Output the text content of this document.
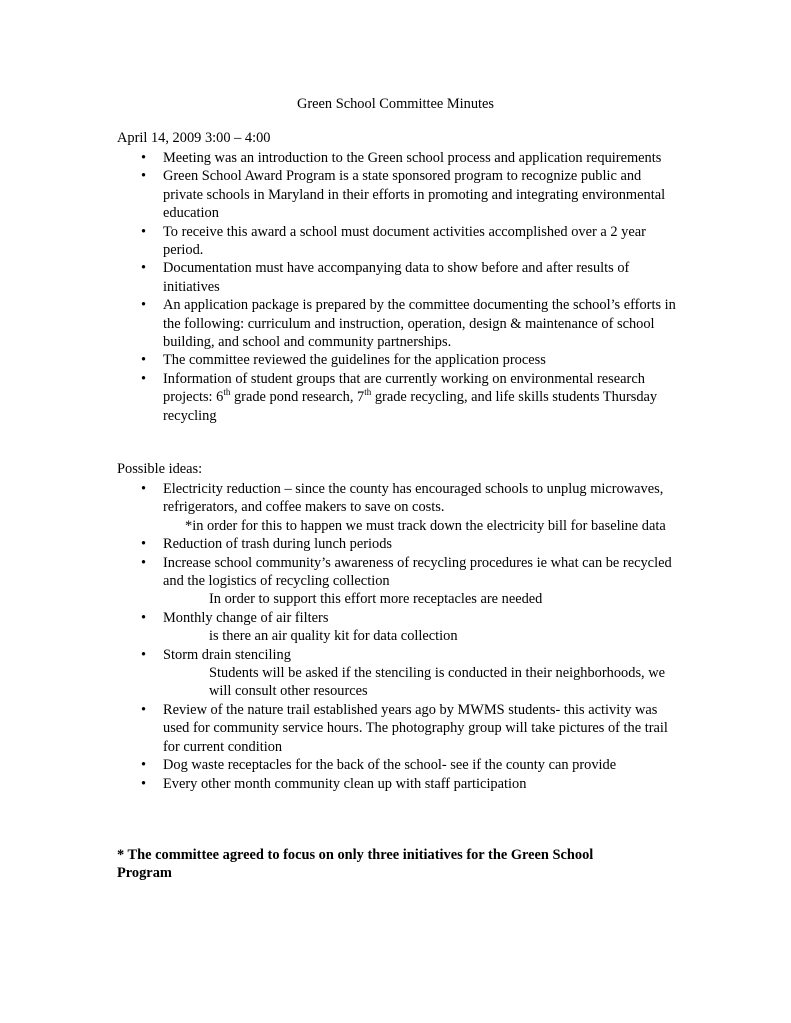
Green School Committee Minutes
April 14, 2009 3:00 – 4:00
• Meeting was an introduction to the Green school process and application requirements
• Green School Award Program is a state sponsored program to recognize public and private schools in Maryland in their efforts in promoting and integrating environmental education
• To receive this award a school must document activities accomplished over a 2 year period.
• Documentation must have accompanying data to show before and after results of initiatives
• An application package is prepared by the committee documenting the school’s efforts in the following: curriculum and instruction, operation, design & maintenance of school building, and school and community partnerships.
• The committee reviewed the guidelines for the application process
• Information of student groups that are currently working on environmental research projects: 6th grade pond research, 7th grade recycling, and life skills students Thursday recycling
Possible ideas:
• Electricity reduction – since the county has encouraged schools to unplug microwaves, refrigerators, and coffee makers to save on costs.
*in order for this to happen we must track down the electricity bill for baseline data
• Reduction of trash during lunch periods
• Increase school community’s awareness of recycling procedures ie what can be recycled and the logistics of recycling collection
In order to support this effort more receptacles are needed
• Monthly change of air filters
is there an air quality kit for data collection
• Storm drain stenciling
Students will be asked if the stenciling is conducted in their neighborhoods, we will consult other resources
• Review of the nature trail established years ago by MWMS students- this activity was used for community service hours. The photography group will take pictures of the trail for current condition
• Dog waste receptacles for the back of the school- see if the county can provide
• Every other month community clean up with staff participation
* The committee agreed to focus on only three initiatives for the Green School Program
